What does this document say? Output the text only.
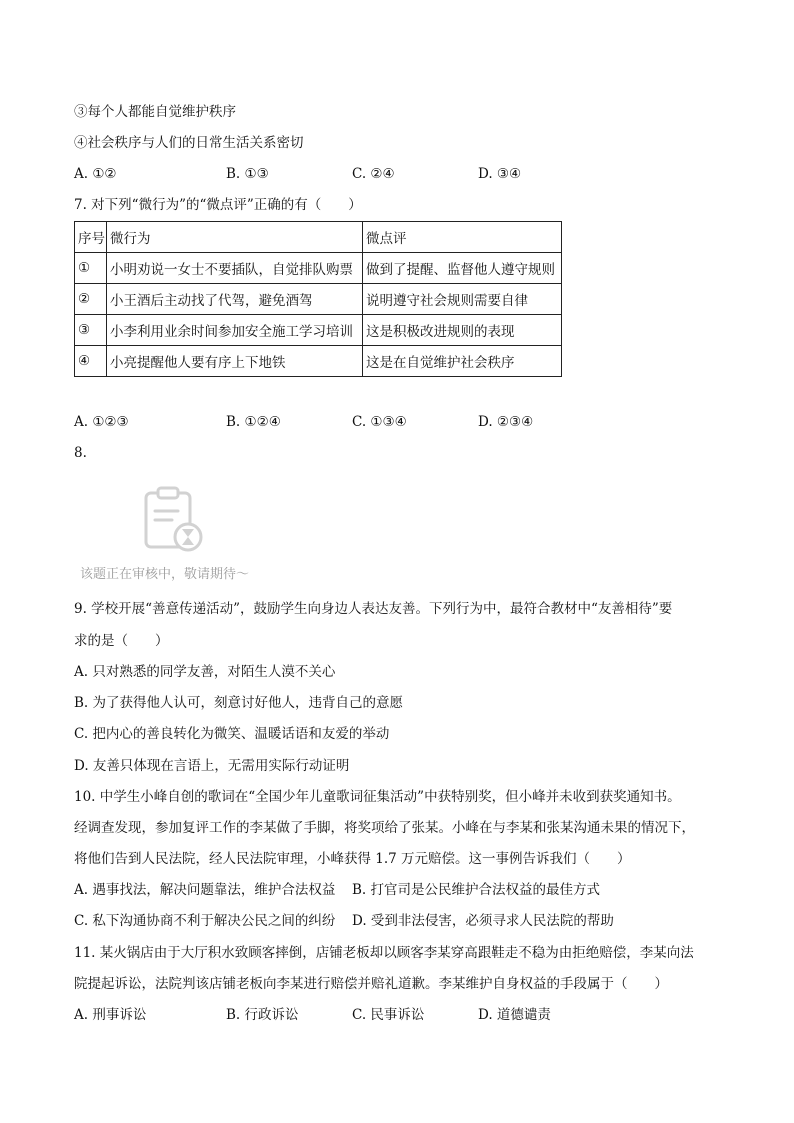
③每个人都能自觉维护秩序
④社会秩序与人们的日常生活关系密切
A. ①②	B. ①③	C. ②④	D. ③④
7. 对下列“微行为”的“微点评”正确的有（　　）
序号	微行为	微点评
①	小明劝说一女士不要插队，自觉排队购票	做到了提醒、监督他人遵守规则
②	小王酒后主动找了代驾，避免酒驾	说明遵守社会规则需要自律
③	小李利用业余时间参加安全施工学习培训	这是积极改进规则的表现
④	小亮提醒他人要有序上下地铁	这是在自觉维护社会秩序
A. ①②③	B. ①②④	C. ①③④	D. ②③④
8.
该题正在审核中，敬请期待～
9. 学校开展“善意传递活动”，鼓励学生向身边人表达友善。下列行为中，最符合教材中“友善相待”要
求的是（　　）
A. 只对熟悉的同学友善，对陌生人漠不关心
B. 为了获得他人认可，刻意讨好他人，违背自己的意愿
C. 把内心的善良转化为微笑、温暖话语和友爱的举动
D. 友善只体现在言语上，无需用实际行动证明
10. 中学生小峰自创的歌词在“全国少年儿童歌词征集活动”中获特别奖，但小峰并未收到获奖通知书。
经调查发现，参加复评工作的李某做了手脚，将奖项给了张某。小峰在与李某和张某沟通未果的情况下，
将他们告到人民法院，经人民法院审理，小峰获得 1.7 万元赔偿。这一事例告诉我们（　　）
A. 遇事找法，解决问题靠法，维护合法权益 B. 打官司是公民维护合法权益的最佳方式
C. 私下沟通协商不利于解决公民之间的纠纷 D. 受到非法侵害，必须寻求人民法院的帮助
11. 某火锅店由于大厅积水致顾客摔倒，店铺老板却以顾客李某穿高跟鞋走不稳为由拒绝赔偿，李某向法
院提起诉讼，法院判该店铺老板向李某进行赔偿并赔礼道歉。李某维护自身权益的手段属于（　　）
A. 刑事诉讼	B. 行政诉讼	C. 民事诉讼	D. 道德谴责
